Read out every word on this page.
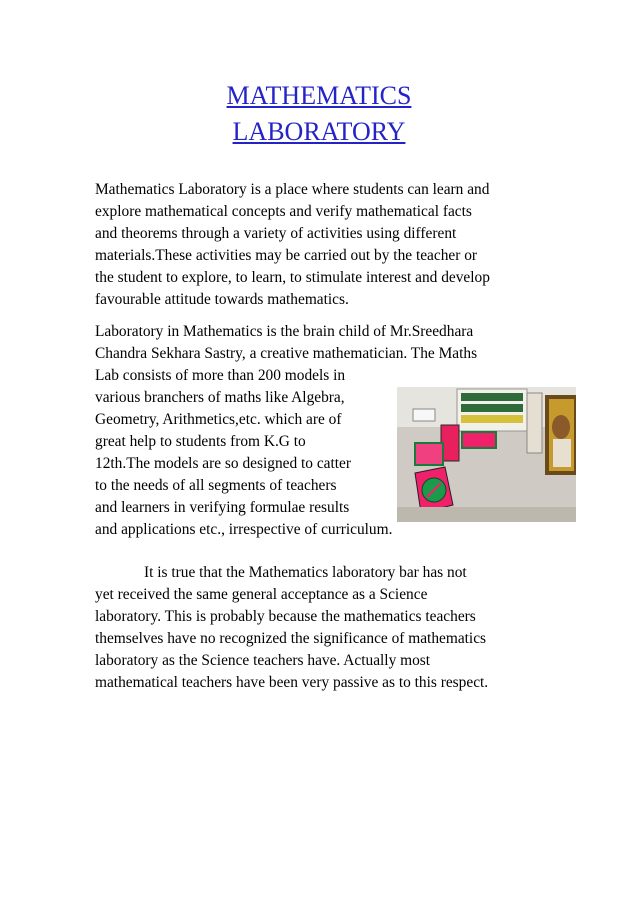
MATHEMATICS
LABORATORY

Mathematics Laboratory is a place where students can learn and
explore mathematical concepts and verify mathematical facts
and theorems through a variety of activities using different
materials.These activities may be carried out by the teacher or
the student to explore, to learn, to stimulate interest and develop
favourable attitude towards mathematics.

Laboratory in Mathematics is the brain child of Mr.Sreedhara
Chandra Sekhara Sastry, a creative mathematician. The Maths

Lab consists of more than 200 models in
various branchers of maths like Algebra,
Geometry, Arithmetics,etc. which are of
great help to students from K.G to
12th.The models are so designed to catter
to the needs of all segments of teachers
and learners in verifying formulae results

and applications etc., irrespective of curriculum.

It is true that the Mathematics laboratory bar has not
yet received the same general acceptance as a Science
laboratory. This is probably because the mathematics teachers
themselves have no recognized the significance of mathematics
laboratory as the Science teachers have. Actually most
mathematical teachers have been very passive as to this respect.
